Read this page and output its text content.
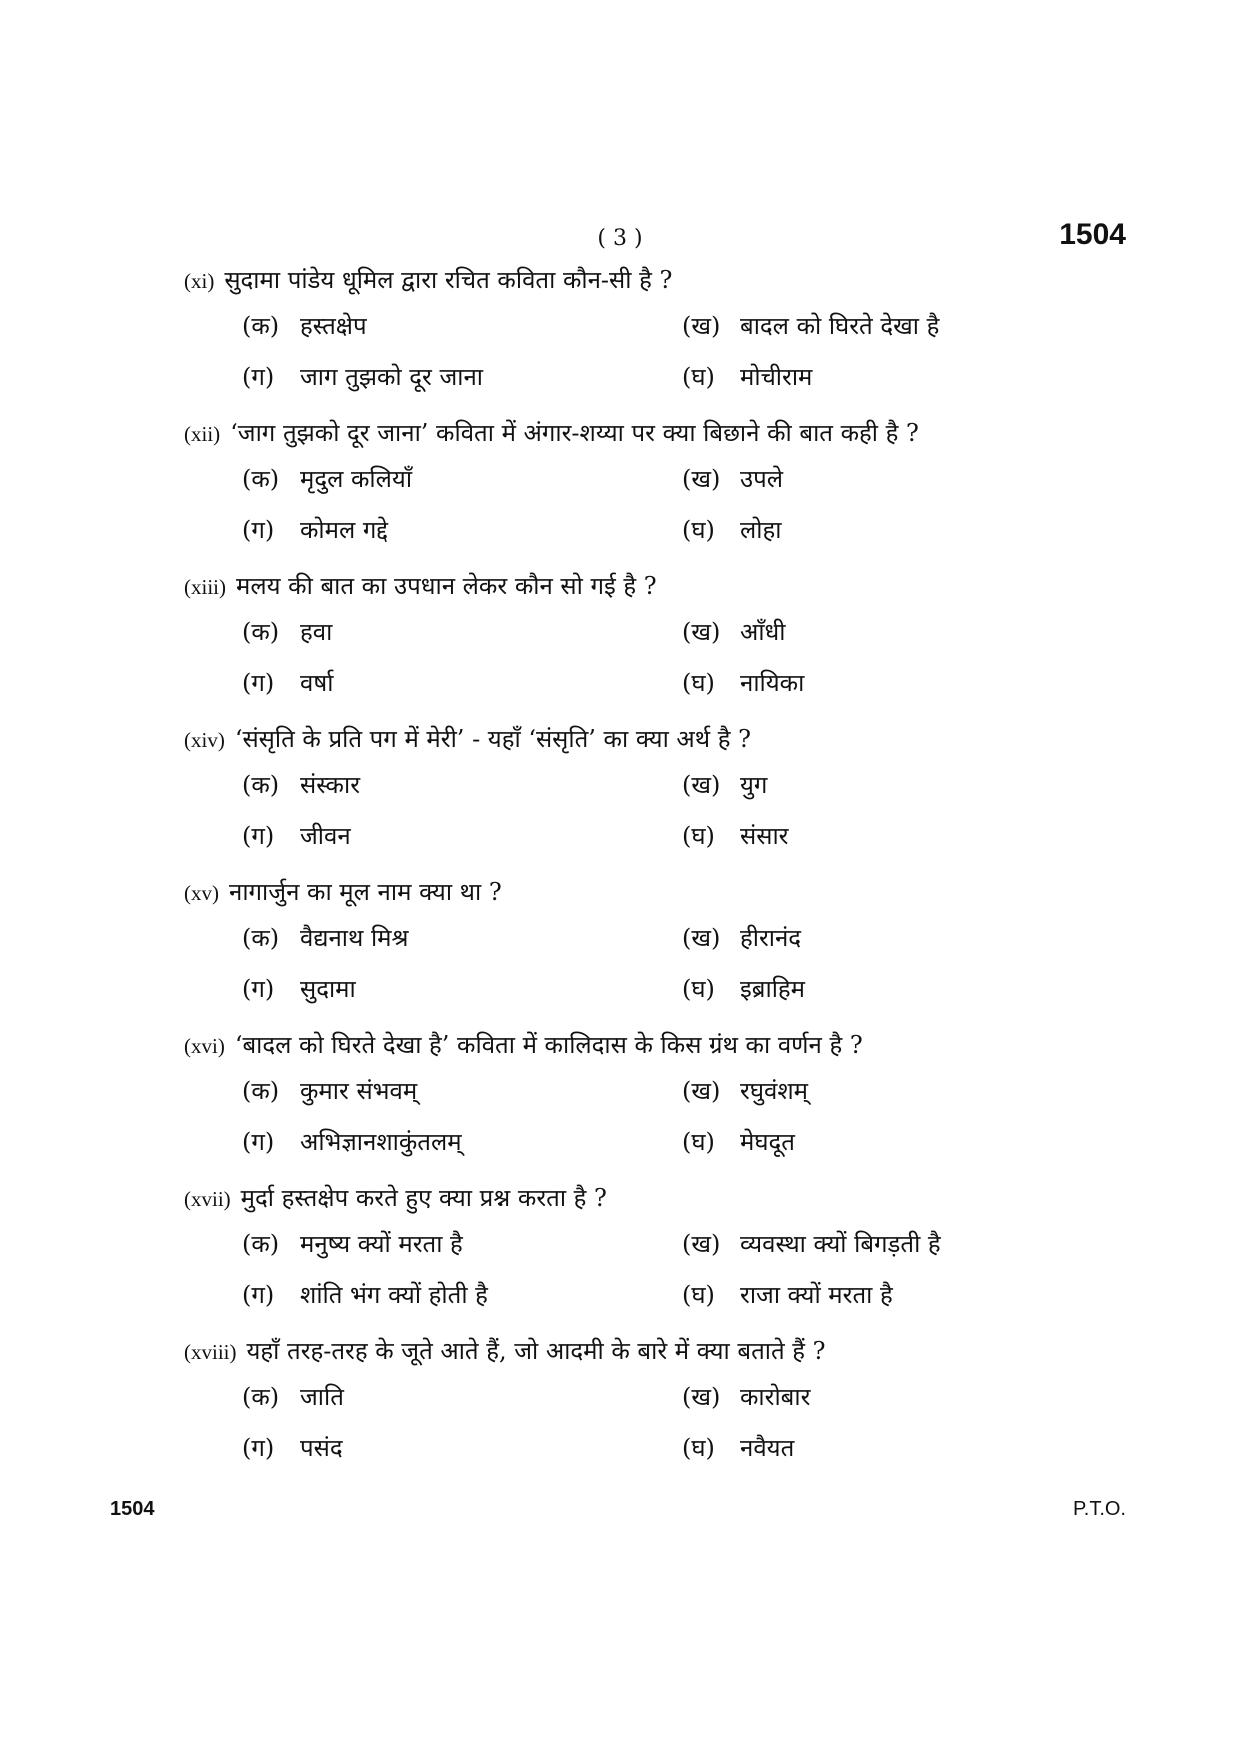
( 3 )	1504
(xi) सुदामा पांडेय धूमिल द्वारा रचित कविता कौन-सी है ?
(क) हस्तक्षेप	(ख) बादल को घिरते देखा है
(ग) जाग तुझको दूर जाना	(घ) मोचीराम
(xii) ‘जाग तुझको दूर जाना’ कविता में अंगार-शय्या पर क्या बिछाने की बात कही है ?
(क) मृदुल कलियाँ	(ख) उपले
(ग) कोमल गद्दे	(घ) लोहा
(xiii) मलय की बात का उपधान लेकर कौन सो गई है ?
(क) हवा	(ख) आँधी
(ग) वर्षा	(घ) नायिका
(xiv) ‘संसृति के प्रति पग में मेरी’ - यहाँ ‘संसृति’ का क्या अर्थ है ?
(क) संस्कार	(ख) युग
(ग) जीवन	(घ) संसार
(xv) नागार्जुन का मूल नाम क्या था ?
(क) वैद्यनाथ मिश्र	(ख) हीरानंद
(ग) सुदामा	(घ) इब्राहिम
(xvi) ‘बादल को घिरते देखा है’ कविता में कालिदास के किस ग्रंथ का वर्णन है ?
(क) कुमार संभवम्	(ख) रघुवंशम्
(ग) अभिज्ञानशाकुंतलम्	(घ) मेघदूत
(xvii) मुर्दा हस्तक्षेप करते हुए क्या प्रश्न करता है ?
(क) मनुष्य क्यों मरता है	(ख) व्यवस्था क्यों बिगड़ती है
(ग) शांति भंग क्यों होती है	(घ) राजा क्यों मरता है
(xviii) यहाँ तरह-तरह के जूते आते हैं, जो आदमी के बारे में क्या बताते हैं ?
(क) जाति	(ख) कारोबार
(ग) पसंद	(घ) नवैयत
1504	P.T.O.
